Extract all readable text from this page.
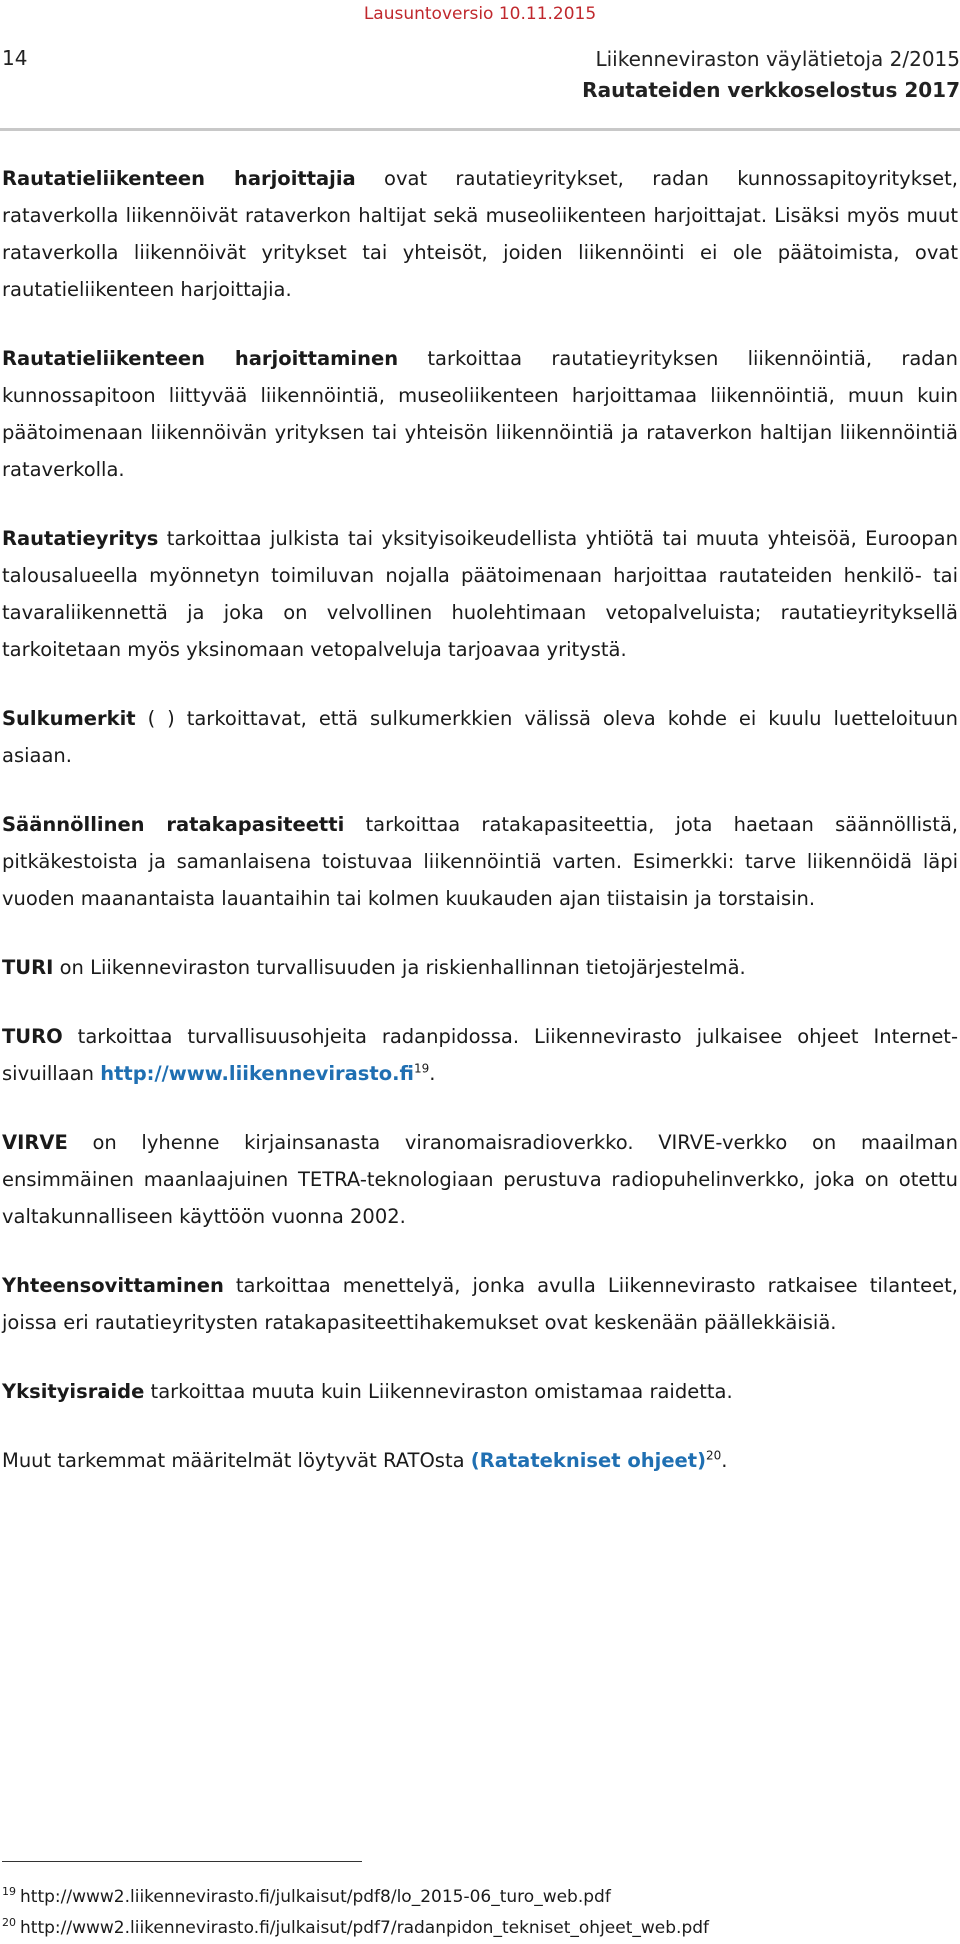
Lausuntoversio 10.11.2015
14	Liikenneviraston väylätietoja 2/2015
Rautateiden verkkoselostus 2017

Rautatieliikenteen harjoittajia ovat rautatieyritykset, radan kunnossapitoyritykset, rataverkolla liikennöivät rataverkon haltijat sekä museoliikenteen harjoittajat. Lisäksi myös muut rataverkolla liikennöivät yritykset tai yhteisöt, joiden liikennöinti ei ole päätoimista, ovat rautatieliikenteen harjoittajia.

Rautatieliikenteen harjoittaminen tarkoittaa rautatieyrityksen liikennöintiä, radan kunnossapitoon liittyvää liikennöintiä, museoliikenteen harjoittamaa liikennöintiä, muun kuin päätoimenaan liikennöivän yrityksen tai yhteisön liikennöintiä ja rataverkon haltijan liikennöintiä rataverkolla.

Rautatieyritys tarkoittaa julkista tai yksityisoikeudellista yhtiötä tai muuta yhteisöä, Euroopan talousalueella myönnetyn toimiluvan nojalla päätoimenaan harjoittaa rautateiden henkilö- tai tavaraliikennettä ja joka on velvollinen huolehtimaan vetopalveluista; rautatieyrityksellä tarkoitetaan myös yksinomaan vetopalveluja tarjoavaa yritystä.

Sulkumerkit ( ) tarkoittavat, että sulkumerkkien välissä oleva kohde ei kuulu luetteloituun asiaan.

Säännöllinen ratakapasiteetti tarkoittaa ratakapasiteettia, jota haetaan säännöllistä, pitkäkestoista ja samanlaisena toistuvaa liikennöintiä varten. Esimerkki: tarve liikennöidä läpi vuoden maanantaista lauantaihin tai kolmen kuukauden ajan tiistaisin ja torstaisin.

TURI on Liikenneviraston turvallisuuden ja riskienhallinnan tietojärjestelmä.

TURO tarkoittaa turvallisuusohjeita radanpidossa. Liikennevirasto julkaisee ohjeet Internet-sivuillaan http://www.liikennevirasto.fi$^{19}$.

VIRVE on lyhenne kirjainsanasta viranomaisradioverkko. VIRVE-verkko on maailman ensimmäinen maanlaajuinen TETRA-teknologiaan perustuva radiopuhelinverkko, joka on otettu valtakunnalliseen käyttöön vuonna 2002.

Yhteensovittaminen tarkoittaa menettelyä, jonka avulla Liikennevirasto ratkaisee tilanteet, joissa eri rautatieyritysten ratakapasiteettihakemukset ovat keskenään päällekkäisiä.

Yksityisraide tarkoittaa muuta kuin Liikenneviraston omistamaa raidetta.

Muut tarkemmat määritelmät löytyvät RATOsta (Ratatekniset ohjeet)$^{20}$.

$^{19}$ http://www2.liikennevirasto.fi/julkaisut/pdf8/lo_2015-06_turo_web.pdf
$^{20}$ http://www2.liikennevirasto.fi/julkaisut/pdf7/radanpidon_tekniset_ohjeet_web.pdf
